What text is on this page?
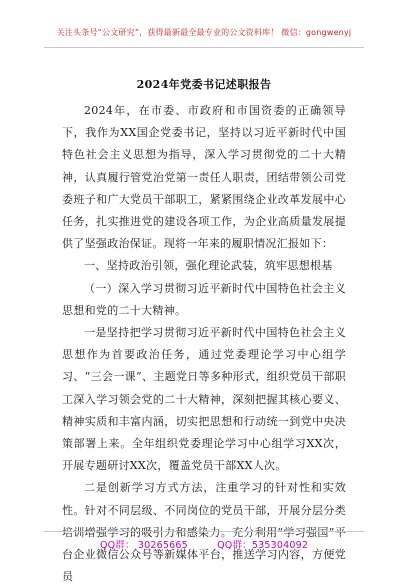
关注头条号“公文研究”，获得最新最全最专业的公文资料库！ 微信：gongwenyj
2024年党委书记述职报告

2024年，在市委、市政府和市国资委的正确领导下，我作为XX国企党委书记，坚持以习近平新时代中国特色社会主义思想为指导，深入学习贯彻党的二十大精神，认真履行管党治党第一责任人职责，团结带领公司党委班子和广大党员干部职工，紧紧围绕企业改革发展中心任务，扎实推进党的建设各项工作，为企业高质量发展提供了坚强政治保证。现将一年来的履职情况汇报如下：

一、坚持政治引领，强化理论武装，筑牢思想根基

（一）深入学习贯彻习近平新时代中国特色社会主义思想和党的二十大精神。

一是坚持把学习贯彻习近平新时代中国特色社会主义思想作为首要政治任务，通过党委理论学习中心组学习、“三会一课”、主题党日等多种形式，组织党员干部职工深入学习领会党的二十大精神，深刻把握其核心要义、精神实质和丰富内涵，切实把思想和行动统一到党中央决策部署上来。全年组织党委理论学习中心组学习XX次，开展专题研讨XX次，覆盖党员干部XX人次。

二是创新学习方式方法，注重学习的针对性和实效性。针对不同层级、不同岗位的党员干部，开展分层分类培训增强学习的吸引力和感染力。充分利用“学习强国”平台企业微信公众号等新媒体平台，推送学习内容，方便党员

QQ群： 30265665	QQ群：535304092
